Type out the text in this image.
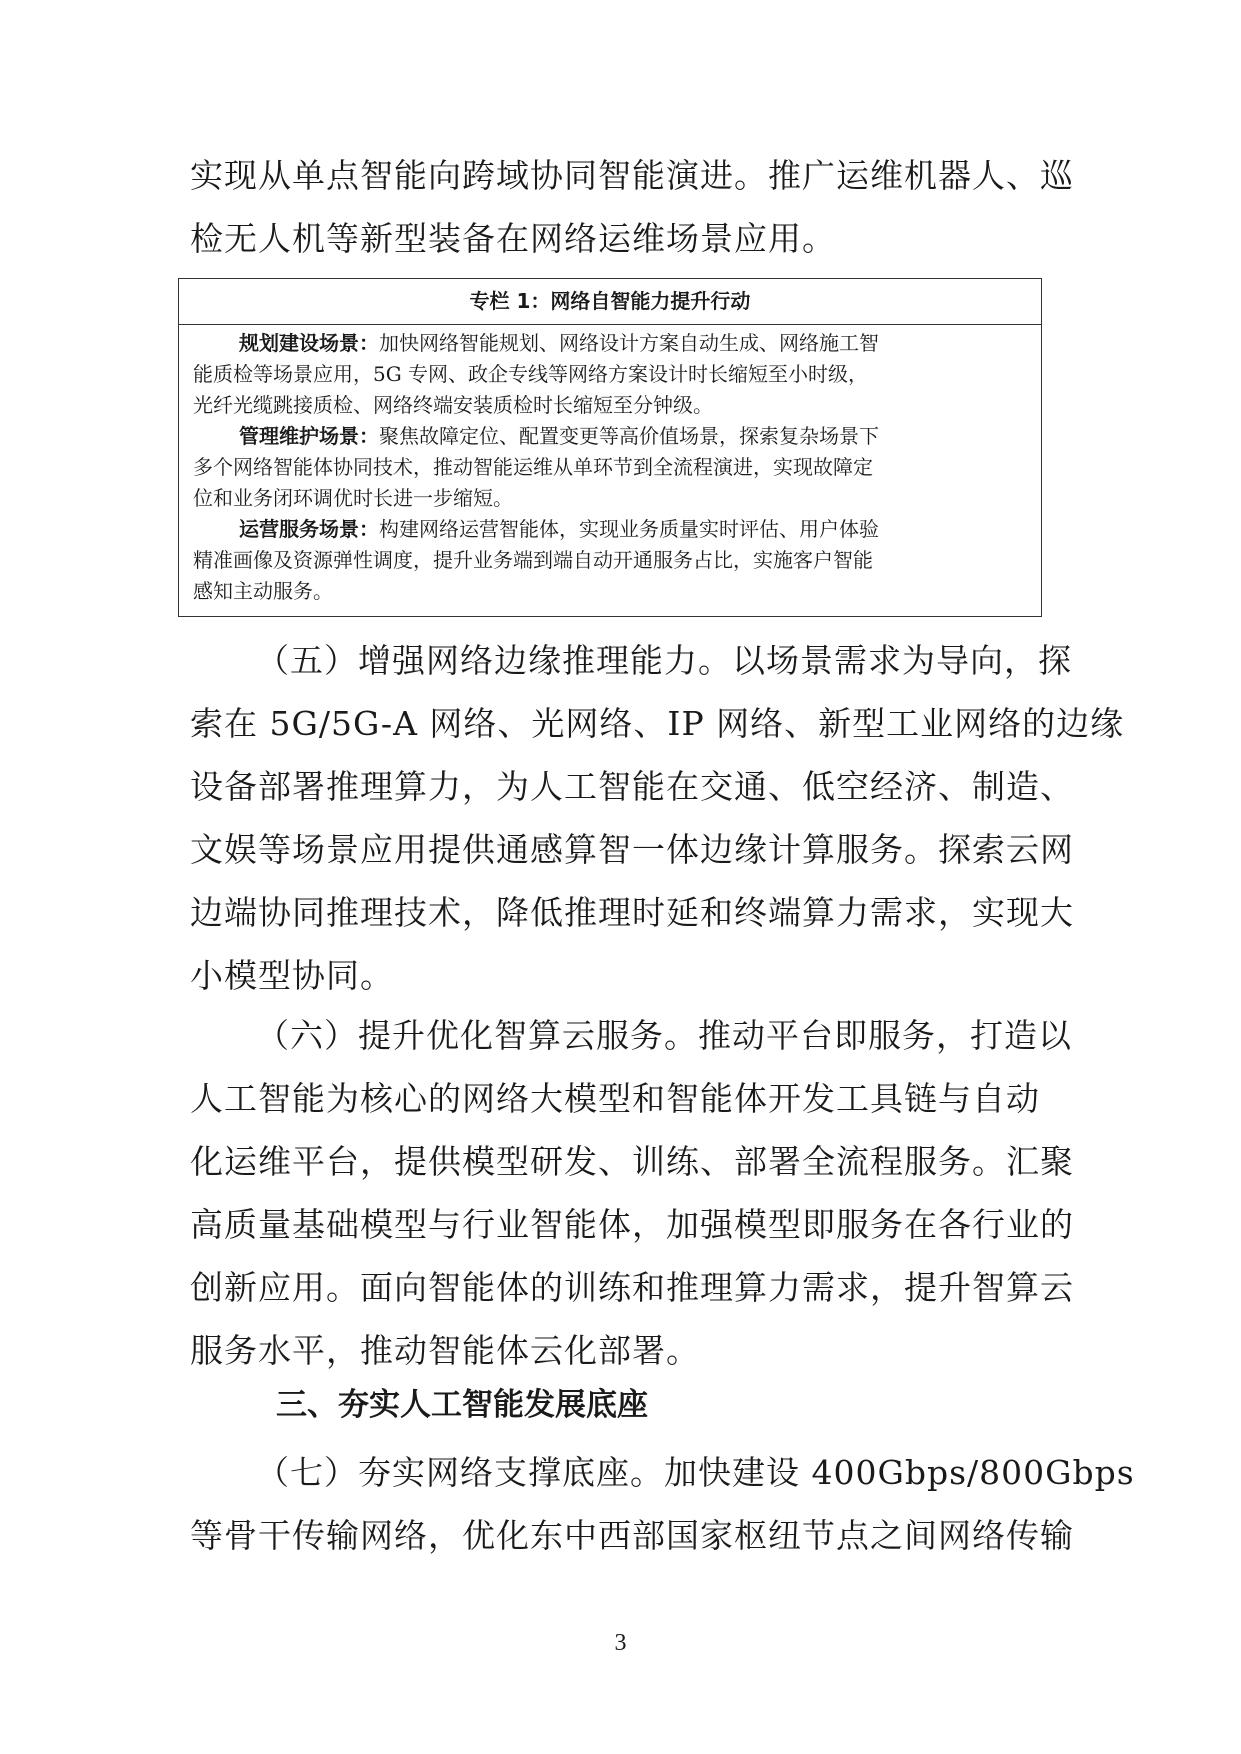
实现从单点智能向跨域协同智能演进。推广运维机器人、巡
检无人机等新型装备在网络运维场景应用。
专栏 1：网络自智能力提升行动
规划建设场景：加快网络智能规划、网络设计方案自动生成、网络施工智
能质检等场景应用，5G 专网、政企专线等网络方案设计时长缩短至小时级，
光纤光缆跳接质检、网络终端安装质检时长缩短至分钟级。
管理维护场景：聚焦故障定位、配置变更等高价值场景，探索复杂场景下
多个网络智能体协同技术，推动智能运维从单环节到全流程演进，实现故障定
位和业务闭环调优时长进一步缩短。
运营服务场景：构建网络运营智能体，实现业务质量实时评估、用户体验
精准画像及资源弹性调度，提升业务端到端自动开通服务占比，实施客户智能
感知主动服务。
（五）增强网络边缘推理能力。以场景需求为导向，探
索在 5G/5G-A 网络、光网络、IP 网络、新型工业网络的边缘
设备部署推理算力，为人工智能在交通、低空经济、制造、
文娱等场景应用提供通感算智一体边缘计算服务。探索云网
边端协同推理技术，降低推理时延和终端算力需求，实现大
小模型协同。
（六）提升优化智算云服务。推动平台即服务，打造以
人工智能为核心的网络大模型和智能体开发工具链与自动
化运维平台，提供模型研发、训练、部署全流程服务。汇聚
高质量基础模型与行业智能体，加强模型即服务在各行业的
创新应用。面向智能体的训练和推理算力需求，提升智算云
服务水平，推动智能体云化部署。
三、夯实人工智能发展底座
（七）夯实网络支撑底座。加快建设 400Gbps/800Gbps
等骨干传输网络，优化东中西部国家枢纽节点之间网络传输
3
